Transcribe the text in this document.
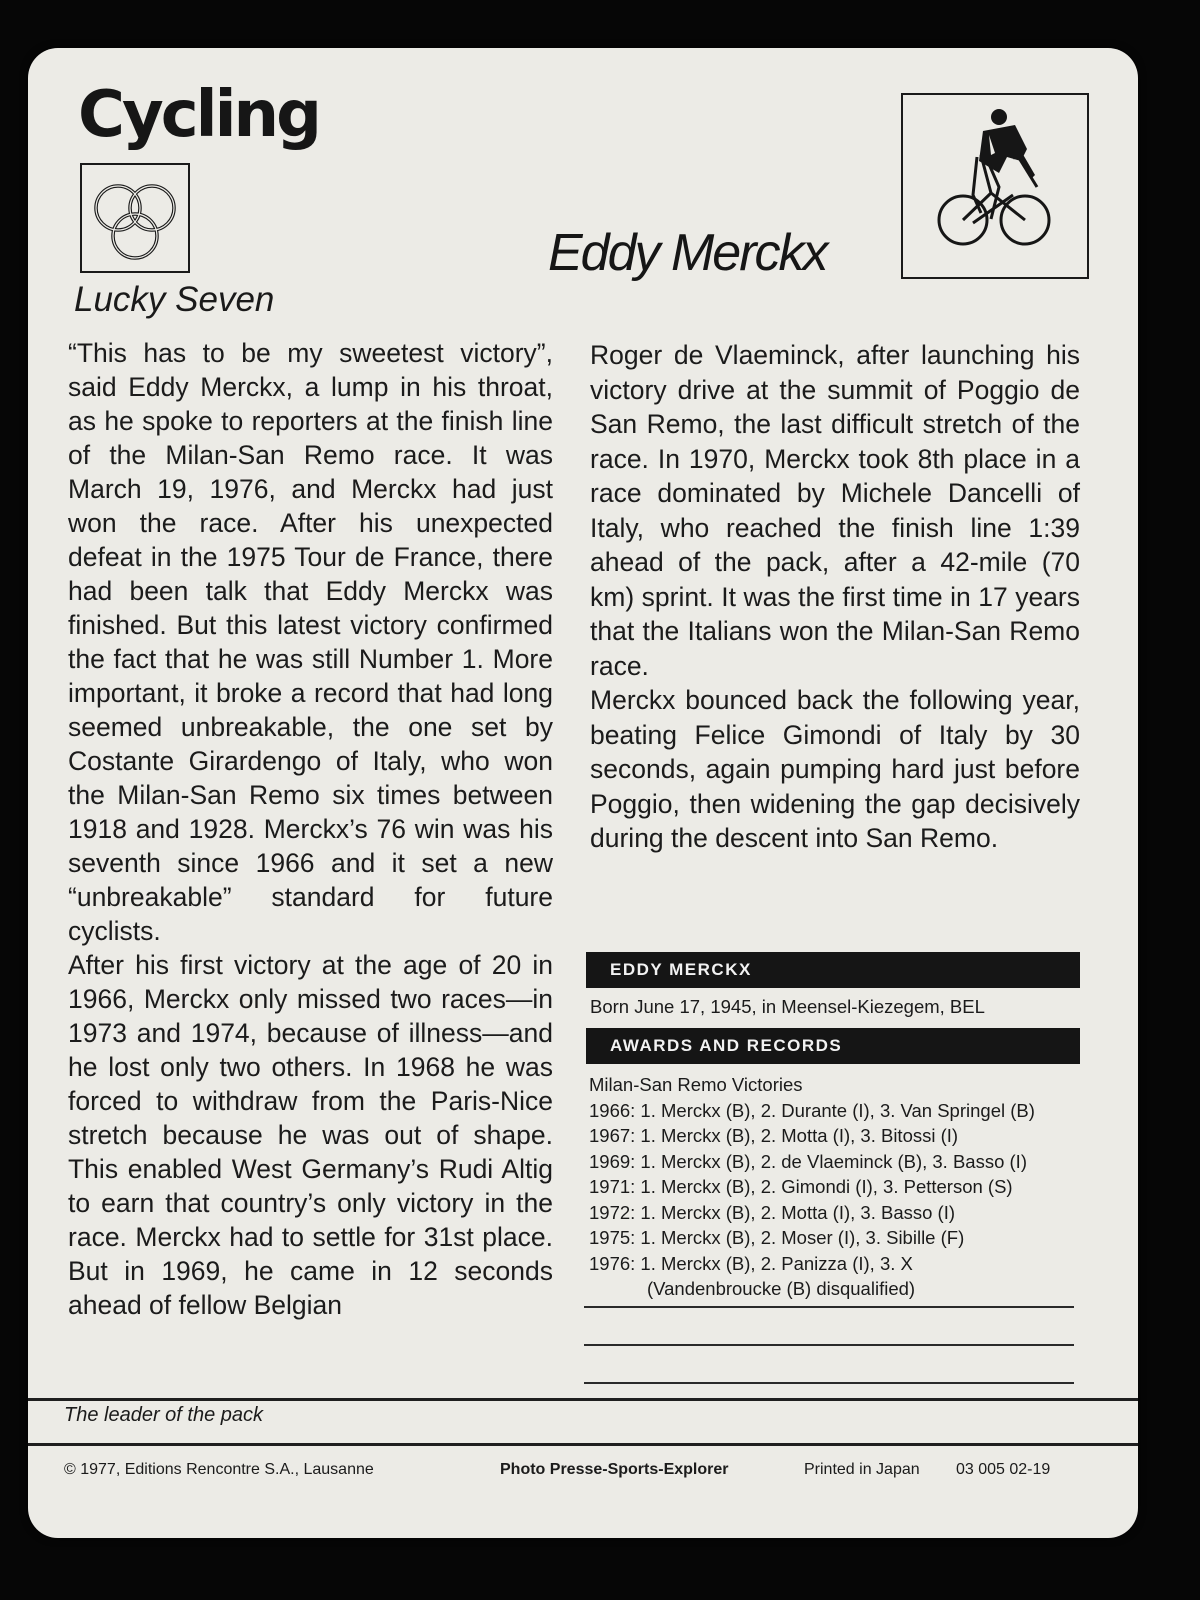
Cycling
Eddy Merckx
Lucky Seven

“This has to be my sweetest victory”, said Eddy Merckx, a lump in his throat, as he spoke to reporters at the finish line of the Milan-San Remo race. It was March 19, 1976, and Merckx had just won the race. After his unexpected defeat in the 1975 Tour de France, there had been talk that Eddy Merckx was finished. But this latest victory confirmed the fact that he was still Number 1. More important, it broke a record that had long seemed unbreakable, the one set by Costante Girardengo of Italy, who won the Milan-San Remo six times between 1918 and 1928. Merckx’s 76 win was his seventh since 1966 and it set a new “unbreakable” standard for future cyclists.

After his first victory at the age of 20 in 1966, Merckx only missed two races—in 1973 and 1974, because of illness—and he lost only two others. In 1968 he was forced to withdraw from the Paris-Nice stretch because he was out of shape. This enabled West Germany’s Rudi Altig to earn that country’s only victory in the race. Merckx had to settle for 31st place. But in 1969, he came in 12 seconds ahead of fellow Belgian

Roger de Vlaeminck, after launching his victory drive at the summit of Poggio de San Remo, the last difficult stretch of the race. In 1970, Merckx took 8th place in a race dominated by Michele Dancelli of Italy, who reached the finish line 1:39 ahead of the pack, after a 42-mile (70 km) sprint. It was the first time in 17 years that the Italians won the Milan-San Remo race.

Merckx bounced back the following year, beating Felice Gimondi of Italy by 30 seconds, again pumping hard just before Poggio, then widening the gap decisively during the descent into San Remo.

EDDY MERCKX
Born June 17, 1945, in Meensel-Kiezegem, BEL
AWARDS AND RECORDS
Milan-San Remo Victories
1966: 1. Merckx (B), 2. Durante (I), 3. Van Springel (B)
1967: 1. Merckx (B), 2. Motta (I), 3. Bitossi (I)
1969: 1. Merckx (B), 2. de Vlaeminck (B), 3. Basso (I)
1971: 1. Merckx (B), 2. Gimondi (I), 3. Petterson (S)
1972: 1. Merckx (B), 2. Motta (I), 3. Basso (I)
1975: 1. Merckx (B), 2. Moser (I), 3. Sibille (F)
1976: 1. Merckx (B), 2. Panizza (I), 3. X
(Vandenbroucke (B) disqualified)
The leader of the pack
© 1977, Editions Rencontre S.A., Lausanne	Photo Presse-Sports-Explorer	Printed in Japan 03 005 02-19
